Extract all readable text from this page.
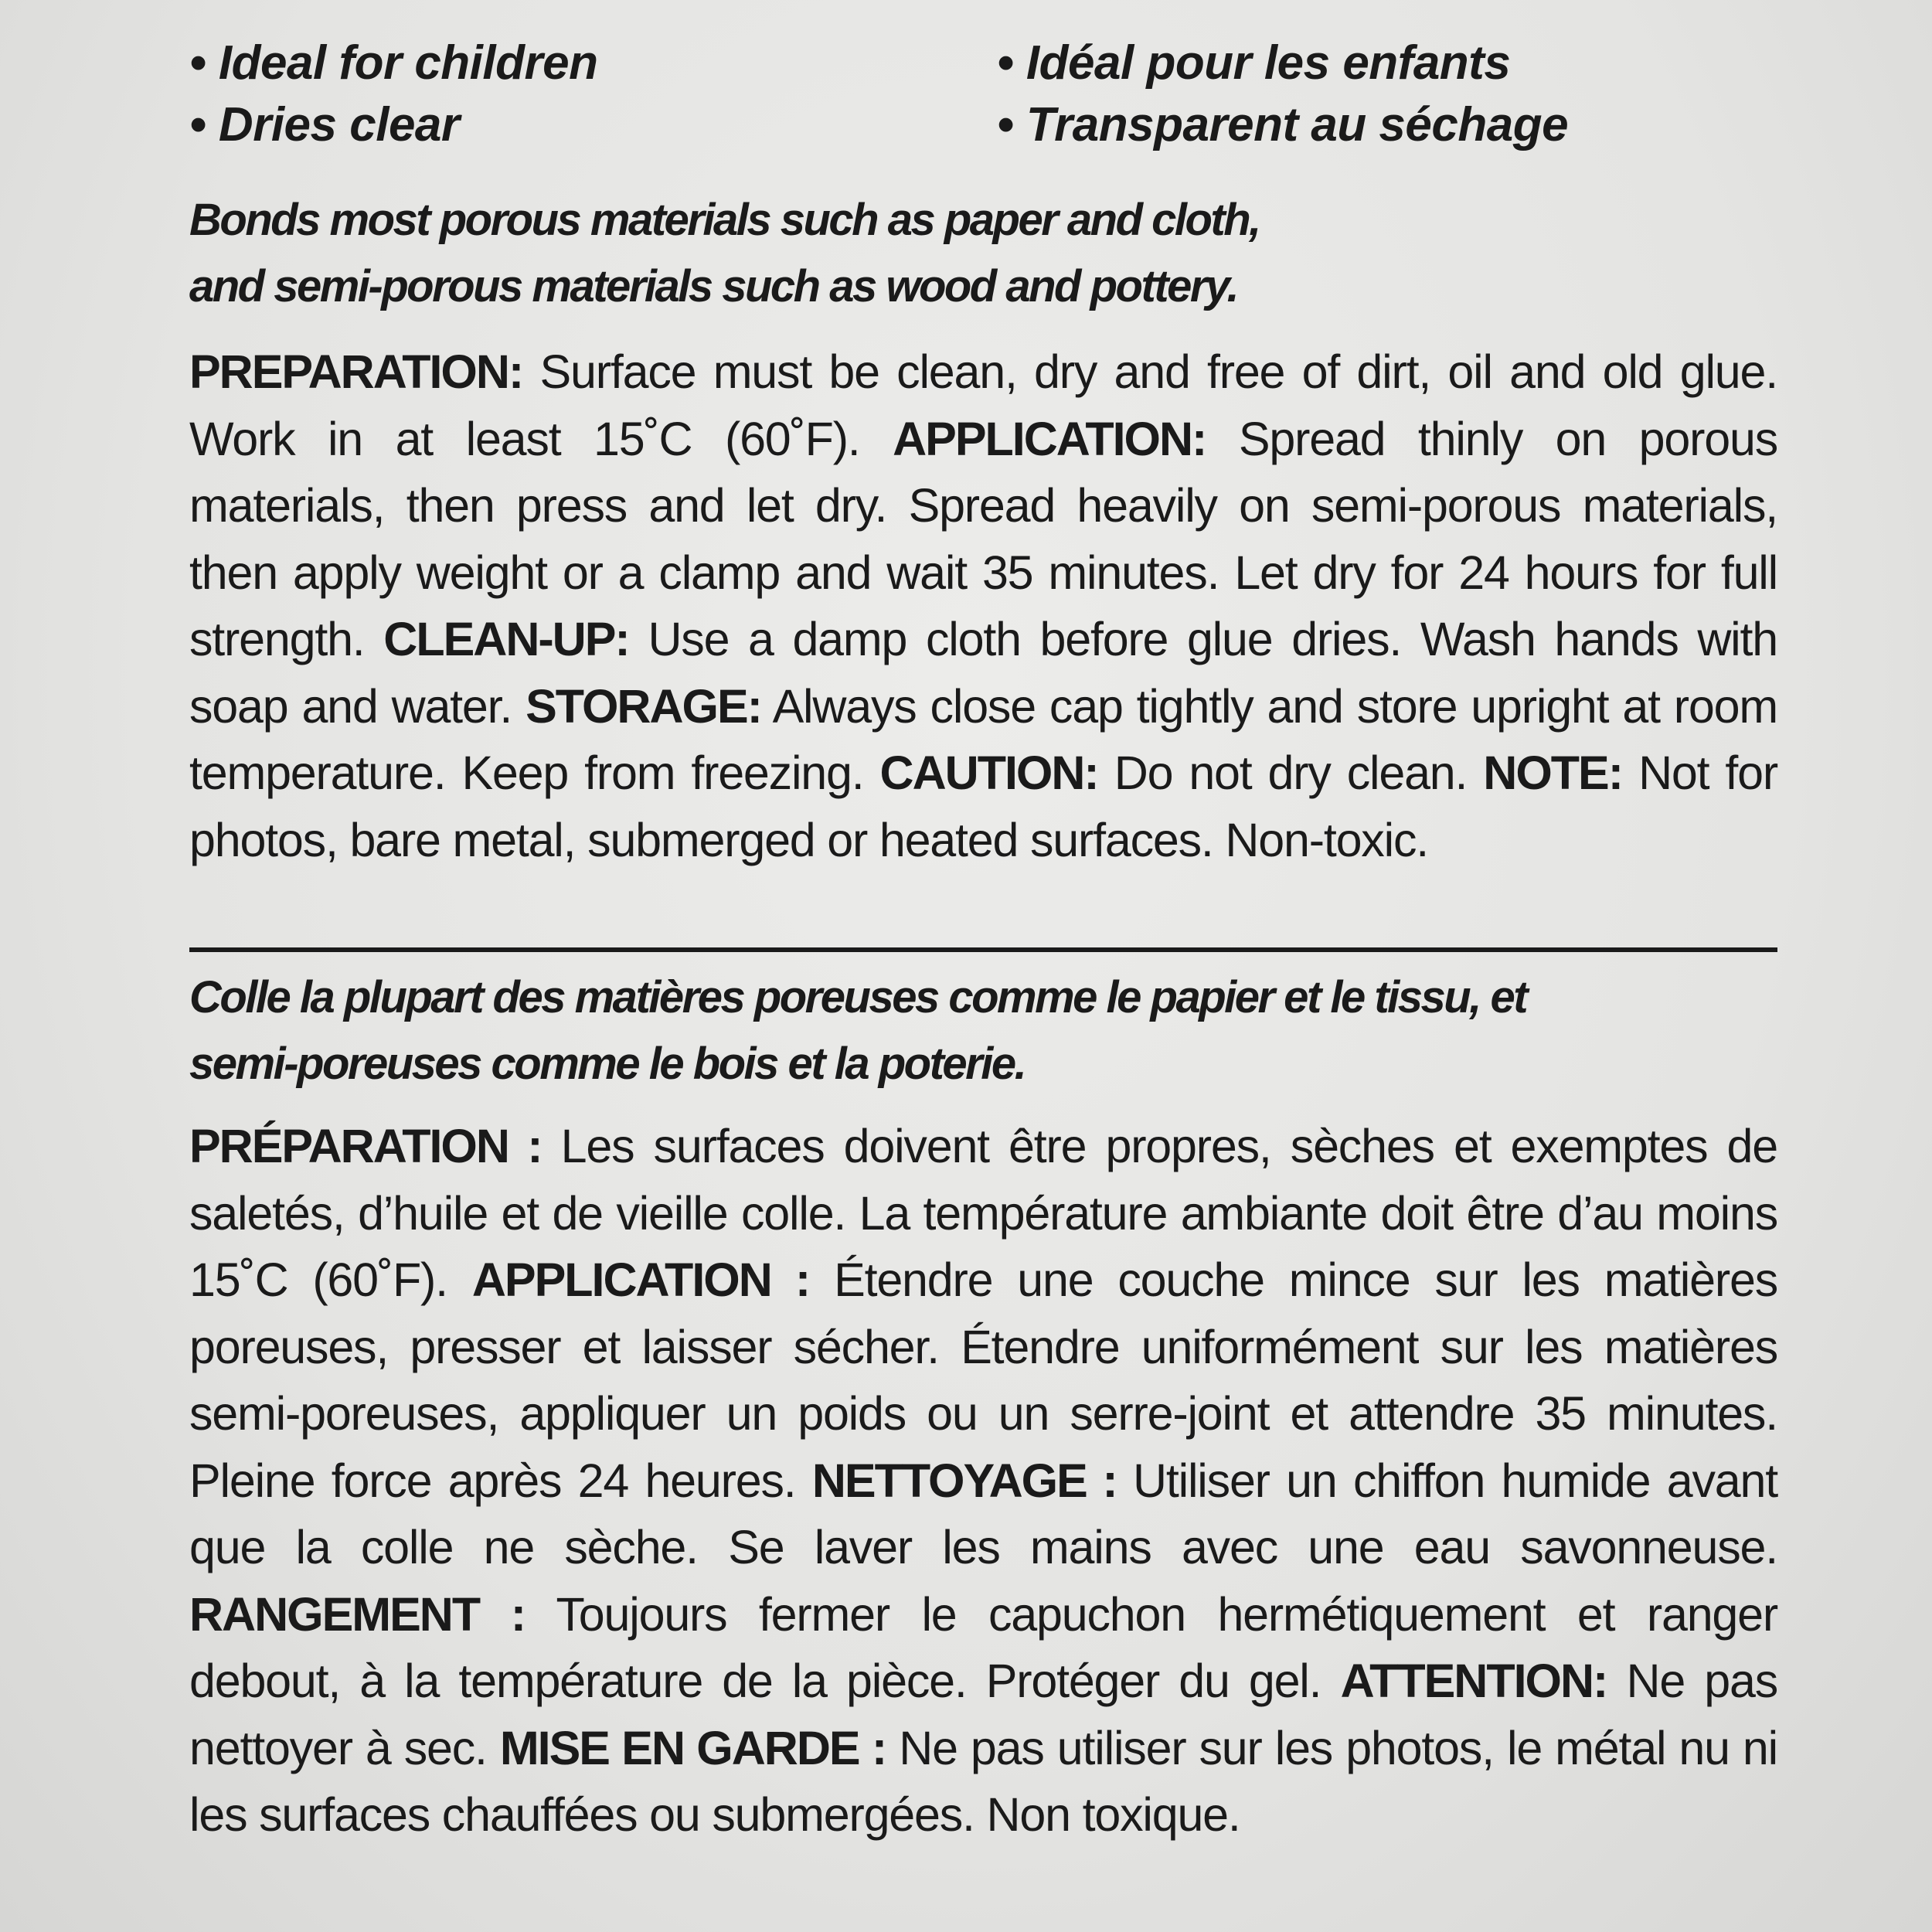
• Ideal for children
• Dries clear
• Idéal pour les enfants
• Transparent au séchage
Bonds most porous materials such as paper and cloth,
and semi-porous materials such as wood and pottery.
PREPARATION: Surface must be clean, dry and free of dirt, oil and old glue. Work in at least 15˚C (60˚F). APPLICATION: Spread thinly on porous materials, then press and let dry. Spread heavily on semi-porous materials, then apply weight or a clamp and wait 35 minutes. Let dry for 24 hours for full strength. CLEAN-UP: Use a damp cloth before glue dries. Wash hands with soap and water. STORAGE: Always close cap tightly and store upright at room temperature. Keep from freezing. CAUTION: Do not dry clean. NOTE: Not for photos, bare metal, submerged or heated surfaces. Non-toxic.
Colle la plupart des matières poreuses comme le papier et le tissu, et
semi-poreuses comme le bois et la poterie.
PRÉPARATION : Les surfaces doivent être propres, sèches et exemptes de saletés, d’huile et de vieille colle. La température ambiante doit être d’au moins 15˚C (60˚F). APPLICATION : Étendre une couche mince sur les matières poreuses, presser et laisser sécher. Étendre uniformément sur les matières semi-poreuses, appliquer un poids ou un serre-joint et attendre 35 minutes. Pleine force après 24 heures. NETTOYAGE : Utiliser un chiffon humide avant que la colle ne sèche. Se laver les mains avec une eau savonneuse. RANGEMENT : Toujours fermer le capuchon hermétiquement et ranger debout, à la température de la pièce. Protéger du gel. ATTENTION: Ne pas nettoyer à sec. MISE EN GARDE : Ne pas utiliser sur les photos, le métal nu ni les surfaces chauffées ou submergées. Non toxique.
